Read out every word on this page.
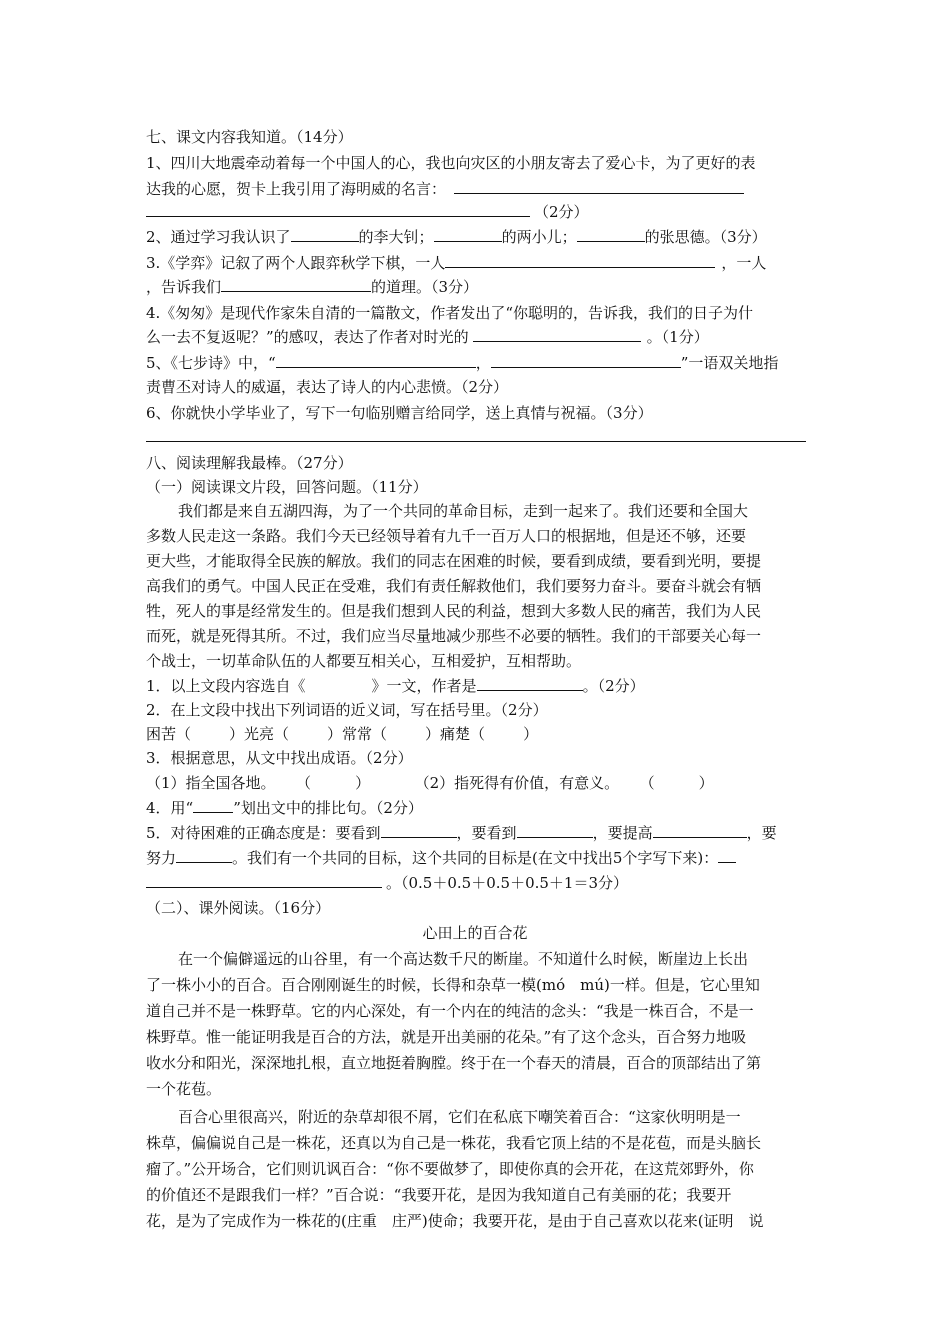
七、课文内容我知道。（14分）
1、四川大地震牵动着每一个中国人的心，我也向灾区的小朋友寄去了爱心卡，为了更好的表
达我的心愿，贺卡上我引用了海明威的名言：
（2分）
2、通过学习我认识了	的李大钊；	的两小儿；	的张思德。（3分）
3.《学弈》记叙了两个人跟弈秋学下棋，一人	，一人
，告诉我们	的道理。（3分）
4.《匆匆》是现代作家朱自清的一篇散文，作者发出了“你聪明的，告诉我，我们的日子为什
么一去不复返呢？”的感叹，表达了作者对时光的	。（1分）
5、《七步诗》中，“	，	”一语双关地指
责曹丕对诗人的威逼，表达了诗人的内心悲愤。（2分）
6、你就快小学毕业了，写下一句临别赠言给同学，送上真情与祝福。（3分）
八、阅读理解我最棒。（27分）
（一）阅读课文片段，回答问题。（11分）
我们都是来自五湖四海，为了一个共同的革命目标，走到一起来了。我们还要和全国大
多数人民走这一条路。我们今天已经领导着有九千一百万人口的根据地，但是还不够，还要
更大些，才能取得全民族的解放。我们的同志在困难的时候，要看到成绩，要看到光明，要提
高我们的勇气。中国人民正在受难，我们有责任解救他们，我们要努力奋斗。要奋斗就会有牺
牲，死人的事是经常发生的。但是我们想到人民的利益，想到大多数人民的痛苦，我们为人民
而死，就是死得其所。不过，我们应当尽量地减少那些不必要的牺牲。我们的干部要关心每一
个战士，一切革命队伍的人都要互相关心，互相爱护，互相帮助。
1．以上文段内容选自《	》一文，作者是	。（2分）
2．在上文段中找出下列词语的近义词，写在括号里。（2分）
困苦（	）光亮（	）常常（	）痛楚（	）
3．根据意思，从文中找出成语。（2分）
（1）指全国各地。 （	）	（2）指死得有价值，有意义。 （	）
4．用“	”划出文中的排比句。（2分）
5．对待困难的正确态度是：要看到	，要看到	，要提高	，要
努力	。我们有一个共同的目标，这个共同的目标是(在文中找出5个字写下来)：
。（0.5＋0.5＋0.5＋0.5＋1＝3分）
（二）、课外阅读。（16分）
心田上的百合花
在一个偏僻遥远的山谷里，有一个高达数千尺的断崖。不知道什么时候，断崖边上长出
了一株小小的百合。百合刚刚诞生的时候，长得和杂草一模(mó　mú)一样。但是，它心里知
道自己并不是一株野草。它的内心深处，有一个内在的纯洁的念头：“我是一株百合，不是一
株野草。惟一能证明我是百合的方法，就是开出美丽的花朵。”有了这个念头，百合努力地吸
收水分和阳光，深深地扎根，直立地挺着胸膛。终于在一个春天的清晨，百合的顶部结出了第
一个花苞。
百合心里很高兴，附近的杂草却很不屑，它们在私底下嘲笑着百合：“这家伙明明是一
株草，偏偏说自己是一株花，还真以为自己是一株花，我看它顶上结的不是花苞，而是头脑长
瘤了。”公开场合，它们则讥讽百合：“你不要做梦了，即使你真的会开花，在这荒郊野外，你
的价值还不是跟我们一样？”百合说：“我要开花，是因为我知道自己有美丽的花；我要开
花，是为了完成作为一株花的(庄重　庄严)使命；我要开花，是由于自己喜欢以花来(证明　说
